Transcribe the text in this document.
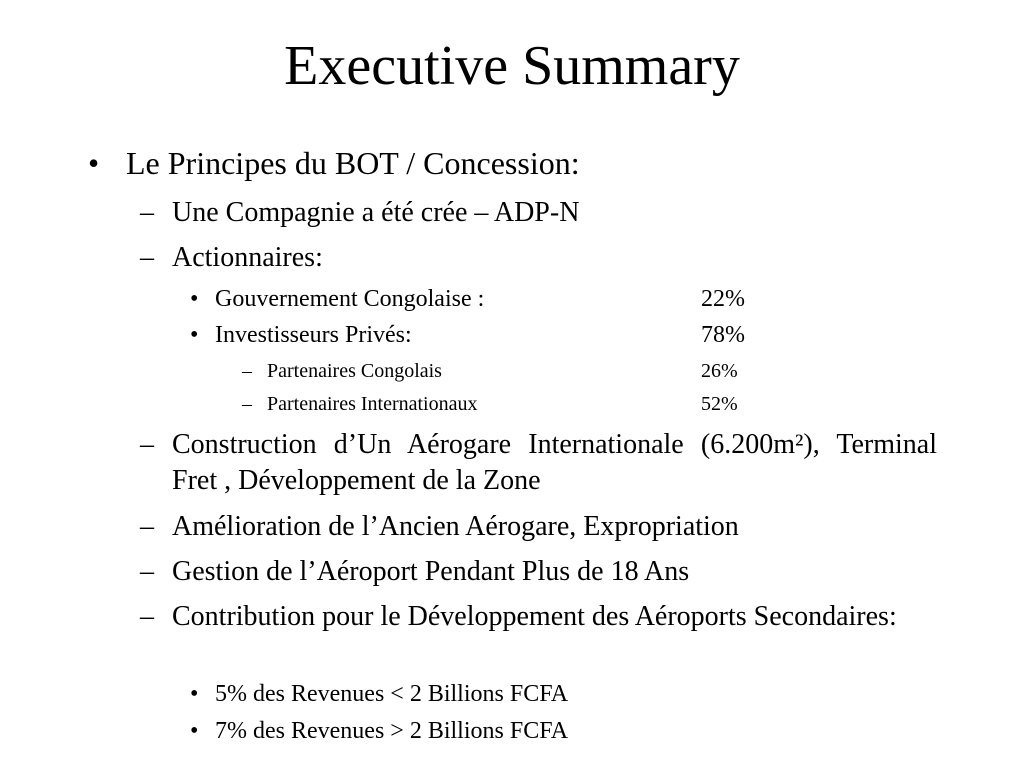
Executive Summary
• Le Principes du BOT / Concession:
– Une Compagnie a été crée – ADP-N
– Actionnaires:
• Gouvernement Congolaise :	22%
• Investisseurs Privés:	78%
– Partenaires Congolais	26%
– Partenaires Internationaux	52%
– Construction d’Un Aérogare Internationale (6.200m²), Terminal Fret , Développement de la Zone
– Amélioration de l’Ancien Aérogare, Expropriation
– Gestion de l’Aéroport Pendant Plus de 18 Ans
– Contribution pour le Développement des Aéroports Secondaires:
• 5% des Revenues < 2 Billions FCFA
• 7% des Revenues > 2 Billions FCFA
